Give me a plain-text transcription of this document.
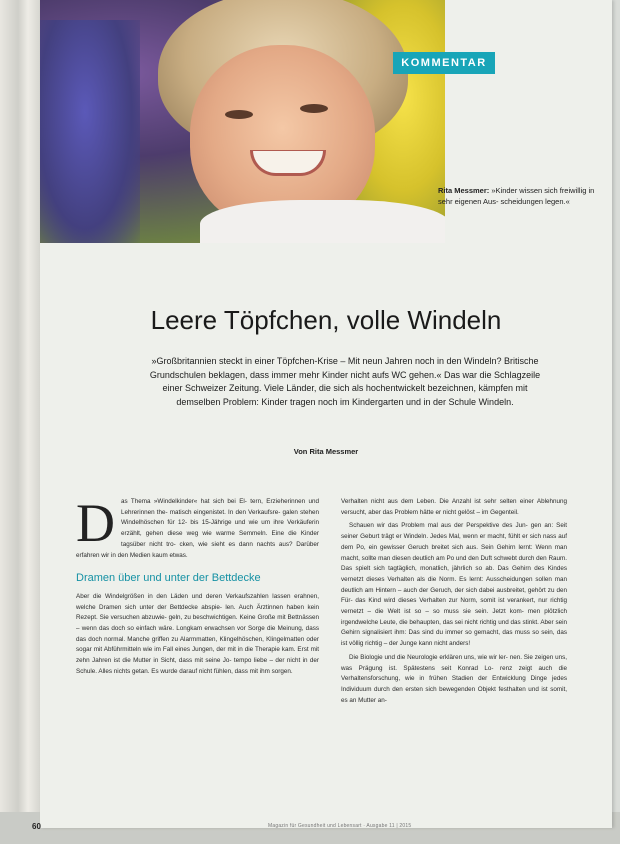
KOMMENTAR
Rita Messmer: »Kinder wissen sich freiwillig in sehr eigenen Aus- scheidungen legen.«
Leere Töpfchen, volle Windeln
»Großbritannien steckt in einer Töpfchen-Krise – Mit neun Jahren noch in den Windeln? Britische Grundschulen beklagen, dass immer mehr Kinder nicht aufs WC gehen.« Das war die Schlagzeile einer Schweizer Zeitung. Viele Länder, die sich als hochentwickelt bezeichnen, kämpfen mit demselben Problem: Kinder tragen noch im Kindergarten und in der Schule Windeln.
Von Rita Messmer

Das Thema »Windelkinder« hat sich bei El- tern, Erzieherinnen und Lehrerinnen the- matisch eingenistet. In den Verkaufsre- galen stehen Windelhöschen für 12- bis 15-Jährige und wie um ihre Verkäuferin erzählt, gehen diese weg wie warme Semmeln. Eine die Kinder tagsüber nicht tro- cken, wie sieht es dann nachts aus? Darüber erfahren wir in den Medien kaum etwas.

Dramen über und unter der Bettdecke

Aber die Windelgrößen in den Läden und deren Verkaufszahlen lassen erahnen, welche Dramen sich unter der Bettdecke abspie- len. Auch Ärztinnen haben kein Rezept. Sie versuchen abzuwie- geln, zu beschwichtigen. Keine Große mit Bettnässen – wenn das doch so einfach wäre. Longkam erwachsen vor Sorge die Meinung, dass das doch normal. Manche griffen zu Alarmmatten, Klingelhöschen, Klingelmatten oder sogar mit Abführmitteln wie im Fall eines Jungen, der mit in die Therapie kam. Erst mit zehn Jahren ist die Mutter in Sicht, dass mit seine Jo- tempo liebe – der nicht in der Schule. Alles nichts getan. Es wurde darauf nicht fühlen, dass mit ihm sorgen.

Verhalten nicht aus dem Leben. Die Anzahl ist sehr selten einer Ablehnung versucht, aber das Problem hätte er nicht gelöst – im Gegenteil.

Schauen wir das Problem mal aus der Perspektive des Jun- gen an: Seit seiner Geburt trägt er Windeln. Jedes Mal, wenn er macht, fühlt er sich nass auf dem Po, ein gewisser Geruch breitet sich aus. Sein Gehirn lernt: Wenn man macht, sollte man diesen deutlich am Po und den Duft schwebt durch den Raum. Das spielt sich tagtäglich, monatlich, jährlich so ab. Das Gehirn des Kindes vernetzt dieses Verhalten als die Norm. Es lernt: Ausscheidungen sollen man deutlich am Hintern – auch der Geruch, der sich dabei ausbreitet, gehört zu den Für- das Kind wird dieses Verhalten zur Norm, somit ist verankert, nur richtig vernetzt – die Welt ist so – so muss sie sein. Jetzt kom- men plötzlich irgendwelche Leute, die behaupten, das sei nicht richtig und das stinkt. Aber sein Gehirn signalisiert ihm: Das sind du immer so gemacht, das muss so sein, das ist völlig richtig – der Junge kann nicht anders!

Die Biologie und die Neurologie erklären uns, wie wir ler- nen. Sie zeigen uns, was Prägung ist. Spätestens seit Konrad Lo- renz zeigt auch die Verhaltensforschung, wie in frühen Stadien der Entwicklung Dinge jedes Individuum durch den ersten sich bewegenden Objekt festhalten und ist somit, es an Mutter an-

60	Magazin für Gesundheit und Lebensart · Ausgabe 11 | 2015
